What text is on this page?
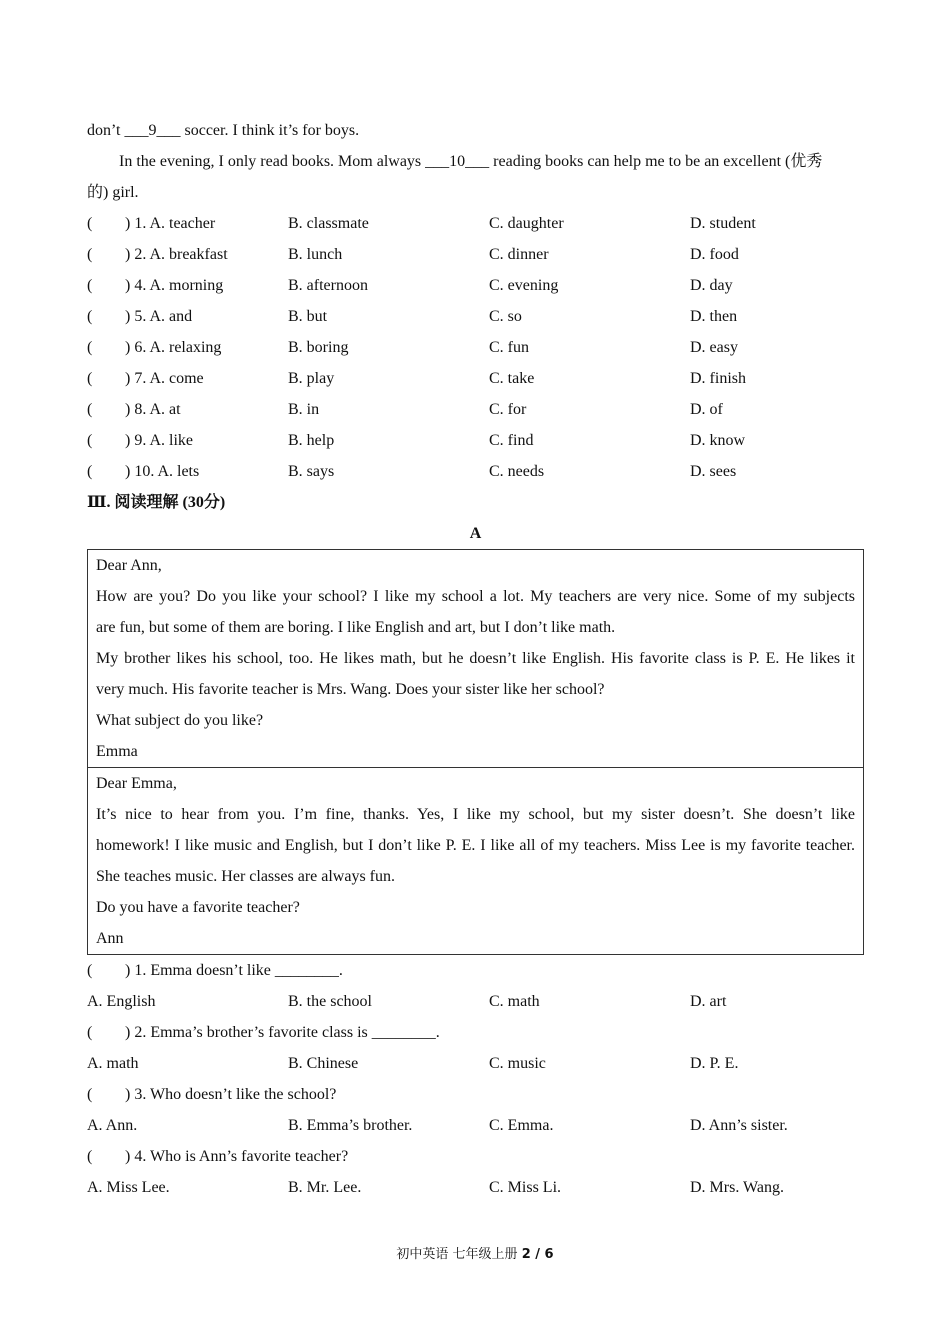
don’t ___9___ soccer. I think it’s for boys.
In the evening, I only read books. Mom always ___10___ reading books can help me to be an excellent (优秀
的) girl.
( ) 1. A. teacher	B. classmate	C. daughter	D. student
( ) 2. A. breakfast	B. lunch	C. dinner	D. food
( ) 4. A. morning	B. afternoon	C. evening	D. day
( ) 5. A. and	B. but	C. so	D. then
( ) 6. A. relaxing	B. boring	C. fun	D. easy
( ) 7. A. come	B. play	C. take	D. finish
( ) 8. A. at	B. in	C. for	D. of
( ) 9. A. like	B. help	C. find	D. know
( ) 10. A. lets	B. says	C. needs	D. sees
Ⅲ. 阅读理解 (30分)
A
Dear Ann,
How are you? Do you like your school? I like my school a lot. My teachers are very nice. Some of my subjects
are fun, but some of them are boring. I like English and art, but I don’t like math.
My brother likes his school, too. He likes math, but he doesn’t like English. His favorite class is P. E. He likes it
very much. His favorite teacher is Mrs. Wang. Does your sister like her school?
What subject do you like?
Emma
Dear Emma,
It’s nice to hear from you. I’m fine, thanks. Yes, I like my school, but my sister doesn’t. She doesn’t like
homework! I like music and English, but I don’t like P. E. I like all of my teachers. Miss Lee is my favorite teacher.
She teaches music. Her classes are always fun.
Do you have a favorite teacher?
Ann
( ) 1. Emma doesn’t like ________.
A. English	B. the school	C. math	D. art
( ) 2. Emma’s brother’s favorite class is ________.
A. math	B. Chinese	C. music	D. P. E.
( ) 3. Who doesn’t like the school?
A. Ann.	B. Emma’s brother.	C. Emma.	D. Ann’s sister.
( ) 4. Who is Ann’s favorite teacher?
A. Miss Lee.	B. Mr. Lee.	C. Miss Li.	D. Mrs. Wang.
初中英语 七年级上册 2 / 6
